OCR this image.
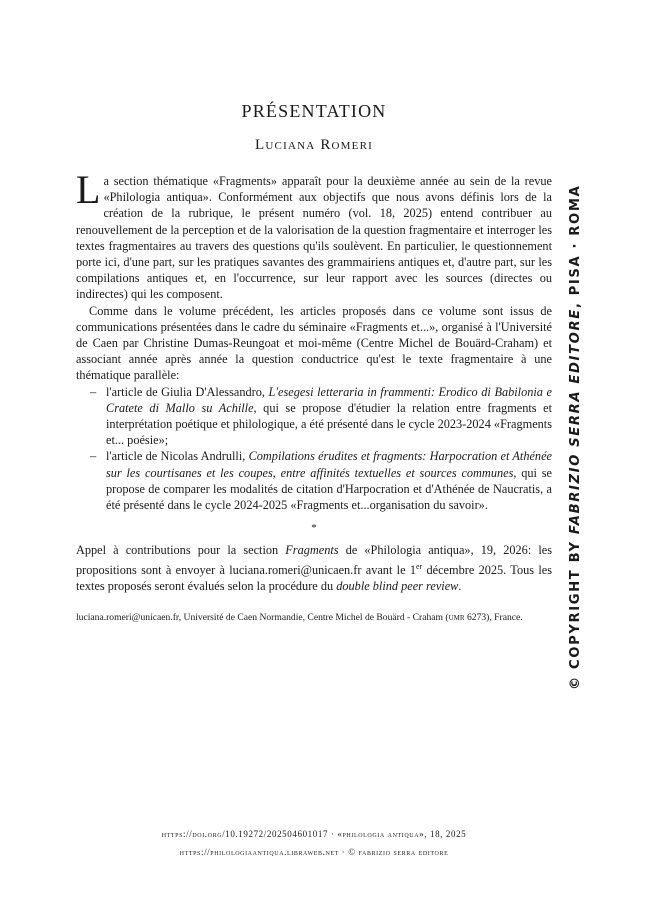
PRÉSENTATION
Luciana Romeri

La section thématique «Fragments» apparaît pour la deuxième année au sein de la revue «Philologia antiqua». Conformément aux objectifs que nous avons définis lors de la création de la rubrique, le présent numéro (vol. 18, 2025) entend contribuer au renouvellement de la perception et de la valorisation de la question fragmentaire et interroger les textes fragmentaires au travers des questions qu'ils soulèvent. En particulier, le questionnement porte ici, d'une part, sur les pratiques savantes des grammairiens antiques et, d'autre part, sur les compilations antiques et, en l'occurrence, sur leur rapport avec les sources (directes ou indirectes) qui les composent.

Comme dans le volume précédent, les articles proposés dans ce volume sont issus de communications présentées dans le cadre du séminaire «Fragments et...», organisé à l'Université de Caen par Christine Dumas-Reungoat et moi-même (Centre Michel de Bouärd-Craham) et associant année après année la question conductrice qu'est le texte fragmentaire à une thématique parallèle:

– l'article de Giulia D'Alessandro, L'esegesi letteraria in frammenti: Erodico di Babilonia e Cratete di Mallo su Achille, qui se propose d'étudier la relation entre fragments et interprétation poétique et philologique, a été présenté dans le cycle 2023-2024 «Fragments et... poésie»;
– l'article de Nicolas Andrulli, Compilations érudites et fragments: Harpocration et Athénée sur les courtisanes et les coupes, entre affinités textuelles et sources communes, qui se propose de comparer les modalités de citation d'Harpocration et d'Athénée de Naucratis, a été présenté dans le cycle 2024-2025 «Fragments et...organisation du savoir».
*

Appel à contributions pour la section Fragments de «Philologia antiqua», 19, 2026: les propositions sont à envoyer à luciana.romeri@unicaen.fr avant le 1er décembre 2025. Tous les textes proposés seront évalués selon la procédure du double blind peer review.

luciana.romeri@unicaen.fr, Université de Caen Normandie, Centre Michel de Bouärd - Craham (umr 6273), France.
https://doi.org/10.19272/202504601017 · «philologia antiqua», 18, 2025
https://philologiaantiqua.libraweb.net · © fabrizio serra editore
© COPYRIGHT BY FABRIZIO SERRA EDITORE, PISA · ROMA
